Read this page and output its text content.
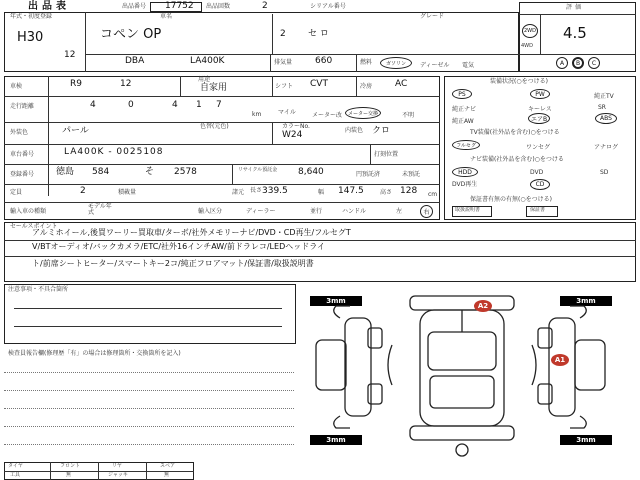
出品表	出品番号 17752 出品回数	2	シリアル番号	評価
4.5
A B C
2WD
4WD
年式・初度登録
H30
12
車名
コペン OP	2 セ ロ
グレード
DBA	LA400K	排気量	660	燃料	ガソリン ディーゼル 電気
車検	R9	12	用途
自家用	シフト CVT	冷房	AC
走行距離	4	0	4 1 7
km	マイル	メーター改 メーター交換	不明
外装色	パール	色替(元色)	カラーNo.
W24	内装色 クロ
車台番号	LA400K - 0025108	打刻位置
登録番号 徳島 584	そ 2578	リサイクル預託金 8,640	円預託済	未預託
定員	2	積載量	諸元 長さ 339.5	幅 147.5	高さ 128 cm
輸入車の種類
モデル年式	輸入区分	ディーラー	並行	ハンドル	左	右
装備状況(○をつける)
PS	PW	純正TV
純正ナビ	キーレス	SR
純正AW	エアB	ABS
TV装備(社外品を含む)○をつける
フルセグ	ワンセグ	アナログ
ナビ装備(社外品を含む)○をつける
HDD	DVD	SD
DVD再生	CD
保証書有無の有無(○をつける)
取扱説明書	保証書
セールスポイント
アルミホイール,後買ワーリー買取車/ターボ/社外メモリーナビ/DVD・CD再生/フルセグT
V/BTオーディオ/バックカメラ/ETC/社外16インチAW/前ドラレコ/LEDヘッドライ
ト/前席シートヒーター/スマートキー2コ/純正フロアマット/保証書/取扱説明書
注意事項・不具合箇所
検査員報告欄(修理歴「有」の場合は修理箇所・交換箇所を記入)
タイヤ	フロント	リヤ	スペア
工具	無	ジャッキ	無
3mm	3mm
3mm	3mm
A2
A1
